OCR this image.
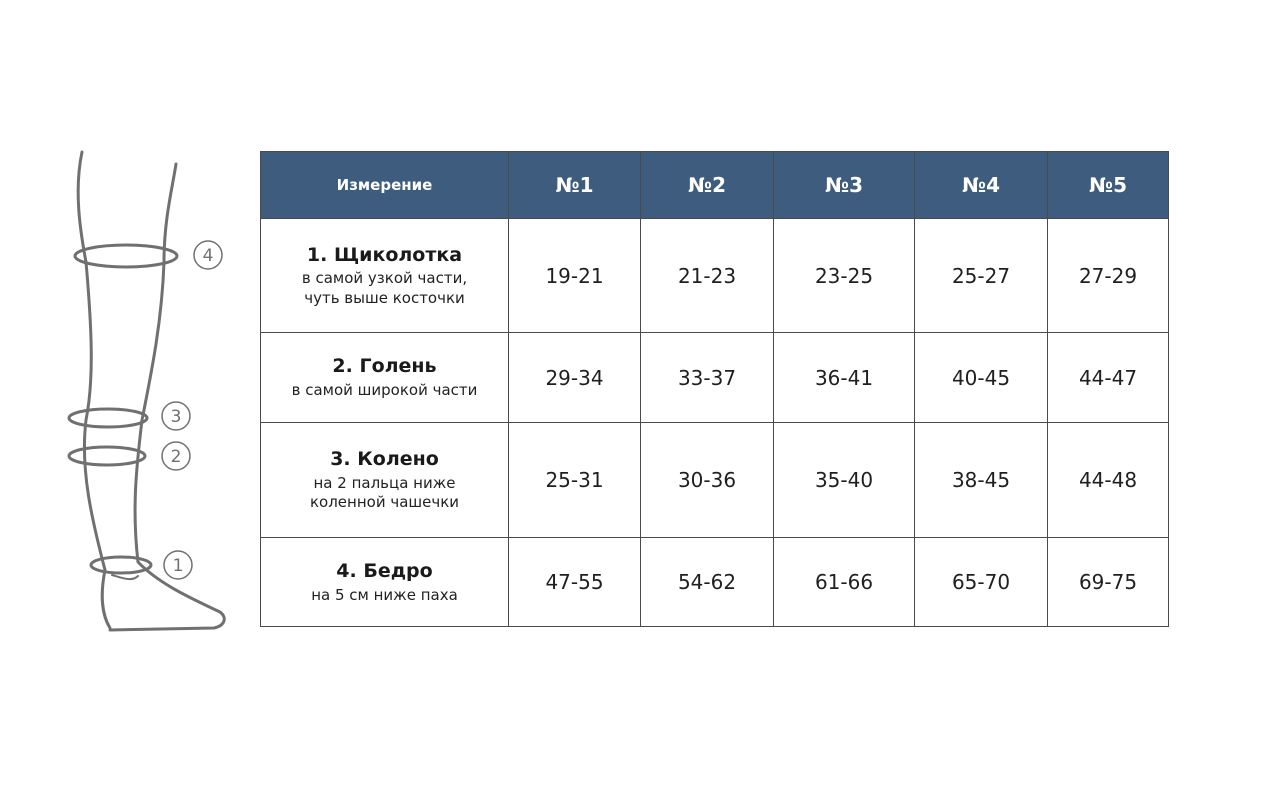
4
3
2
1
Измерение	№1	№2	№3	№4	№5

1. Щиколотка
в самой узкой части,
чуть выше косточки	19-21	21-23	23-25	25-27	27-29

2. Голень
в самой широкой части	29-34	33-37	36-41	40-45	44-47

3. Колено
на 2 пальца ниже
коленной чашечки	25-31	30-36	35-40	38-45	44-48

4. Бедро
на 5 см ниже паха	47-55	54-62	61-66	65-70	69-75
